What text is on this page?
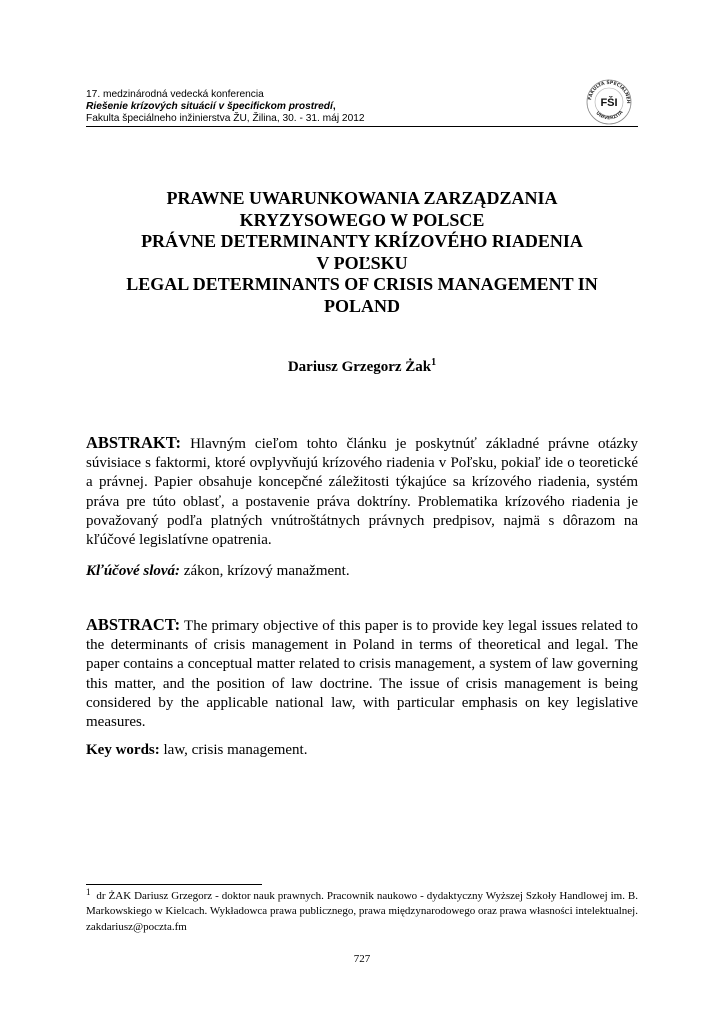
17. medzinárodná vedecká konferencia
Riešenie krízových situácií v špecifickom prostredí,
Fakulta špeciálneho inžinierstva ŽU, Žilina, 30. - 31. máj 2012
FAKULTA ŠPECIÁLNEH
UNIVERZITA
FŠI
PRAWNE UWARUNKOWANIA ZARZĄDZANIA
KRYZYSOWEGO W POLSCE
PRÁVNE DETERMINANTY KRÍZOVÉHO RIADENIA
V POĽSKU
LEGAL DETERMINANTS OF CRISIS MANAGEMENT IN
POLAND
Dariusz Grzegorz Żak$^1$
ABSTRAKT: Hlavným cieľom tohto článku je poskytnúť základné právne otázky súvisiace s faktormi, ktoré ovplyvňujú krízového riadenia v Poľsku, pokiaľ ide o teoretické a právnej. Papier obsahuje koncepčné záležitosti týkajúce sa krízového riadenia, systém práva pre túto oblasť, a postavenie práva doktríny. Problematika krízového riadenia je považovaný podľa platných vnútroštátnych právnych predpisov, najmä s dôrazom na kľúčové legislatívne opatrenia.
Kľúčové slová: zákon, krízový manažment.
ABSTRACT: The primary objective of this paper is to provide key legal issues related to the determinants of crisis management in Poland in terms of theoretical and legal. The paper contains a conceptual matter related to crisis management, a system of law governing this matter, and the position of law doctrine. The issue of crisis management is being considered by the applicable national law, with particular emphasis on key legislative measures.
Key words: law, crisis management.
$^1$ dr ŻAK Dariusz Grzegorz - doktor nauk prawnych. Pracownik naukowo - dydaktyczny Wyższej Szkoły Handlowej im. B. Markowskiego w Kielcach. Wykładowca prawa publicznego, prawa międzynarodowego oraz prawa własności intelektualnej. zakdariusz@poczta.fm
727
